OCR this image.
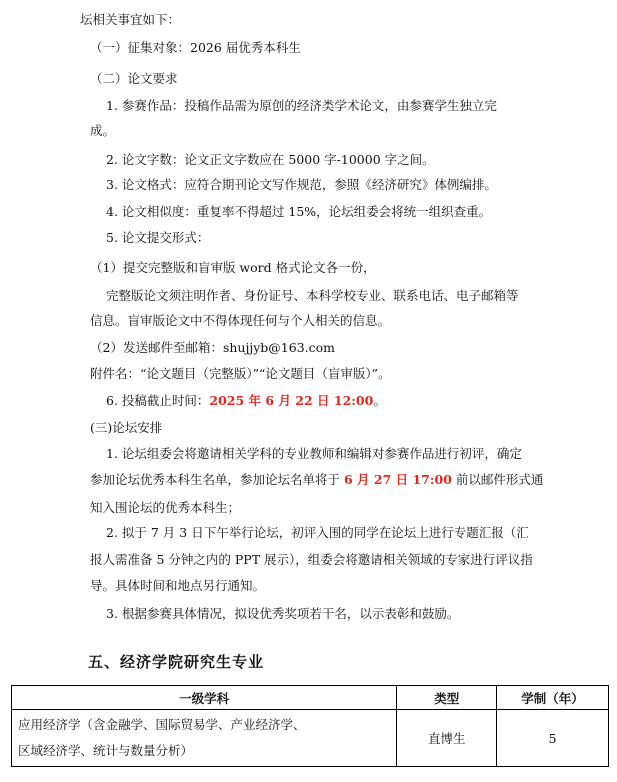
坛相关事宜如下：
（一）征集对象：2026 届优秀本科生
（二）论文要求
1. 参赛作品：投稿作品需为原创的经济类学术论文，由参赛学生独立完
成。
2. 论文字数：论文正文字数应在 5000 字-10000 字之间。
3. 论文格式：应符合期刊论文写作规范，参照《经济研究》体例编排。
4. 论文相似度：重复率不得超过 15%，论坛组委会将统一组织查重。
5. 论文提交形式：
（1）提交完整版和盲审版 word 格式论文各一份，
完整版论文须注明作者、身份证号、本科学校专业、联系电话、电子邮箱等
信息。盲审版论文中不得体现任何与个人相关的信息。
（2）发送邮件至邮箱：shujjyb@163.com
附件名：“论文题目（完整版）”“论文题目（盲审版）”。
6. 投稿截止时间：2025 年 6 月 22 日 12:00。
(三)论坛安排
1. 论坛组委会将邀请相关学科的专业教师和编辑对参赛作品进行初评，确定
参加论坛优秀本科生名单，参加论坛名单将于 6 月 27 日 17:00 前以邮件形式通
知入围论坛的优秀本科生；
2. 拟于 7 月 3 日下午举行论坛，初评入围的同学在论坛上进行专题汇报（汇
报人需准备 5 分钟之内的 PPT 展示），组委会将邀请相关领域的专家进行评议指
导。具体时间和地点另行通知。
3. 根据参赛具体情况，拟设优秀奖项若干名，以示表彰和鼓励。
五、经济学院研究生专业
一级学科	类型	学制（年）

应用经济学（含金融学、国际贸易学、产业经济学、
区域经济学、统计与数量分析）	直博生	5
